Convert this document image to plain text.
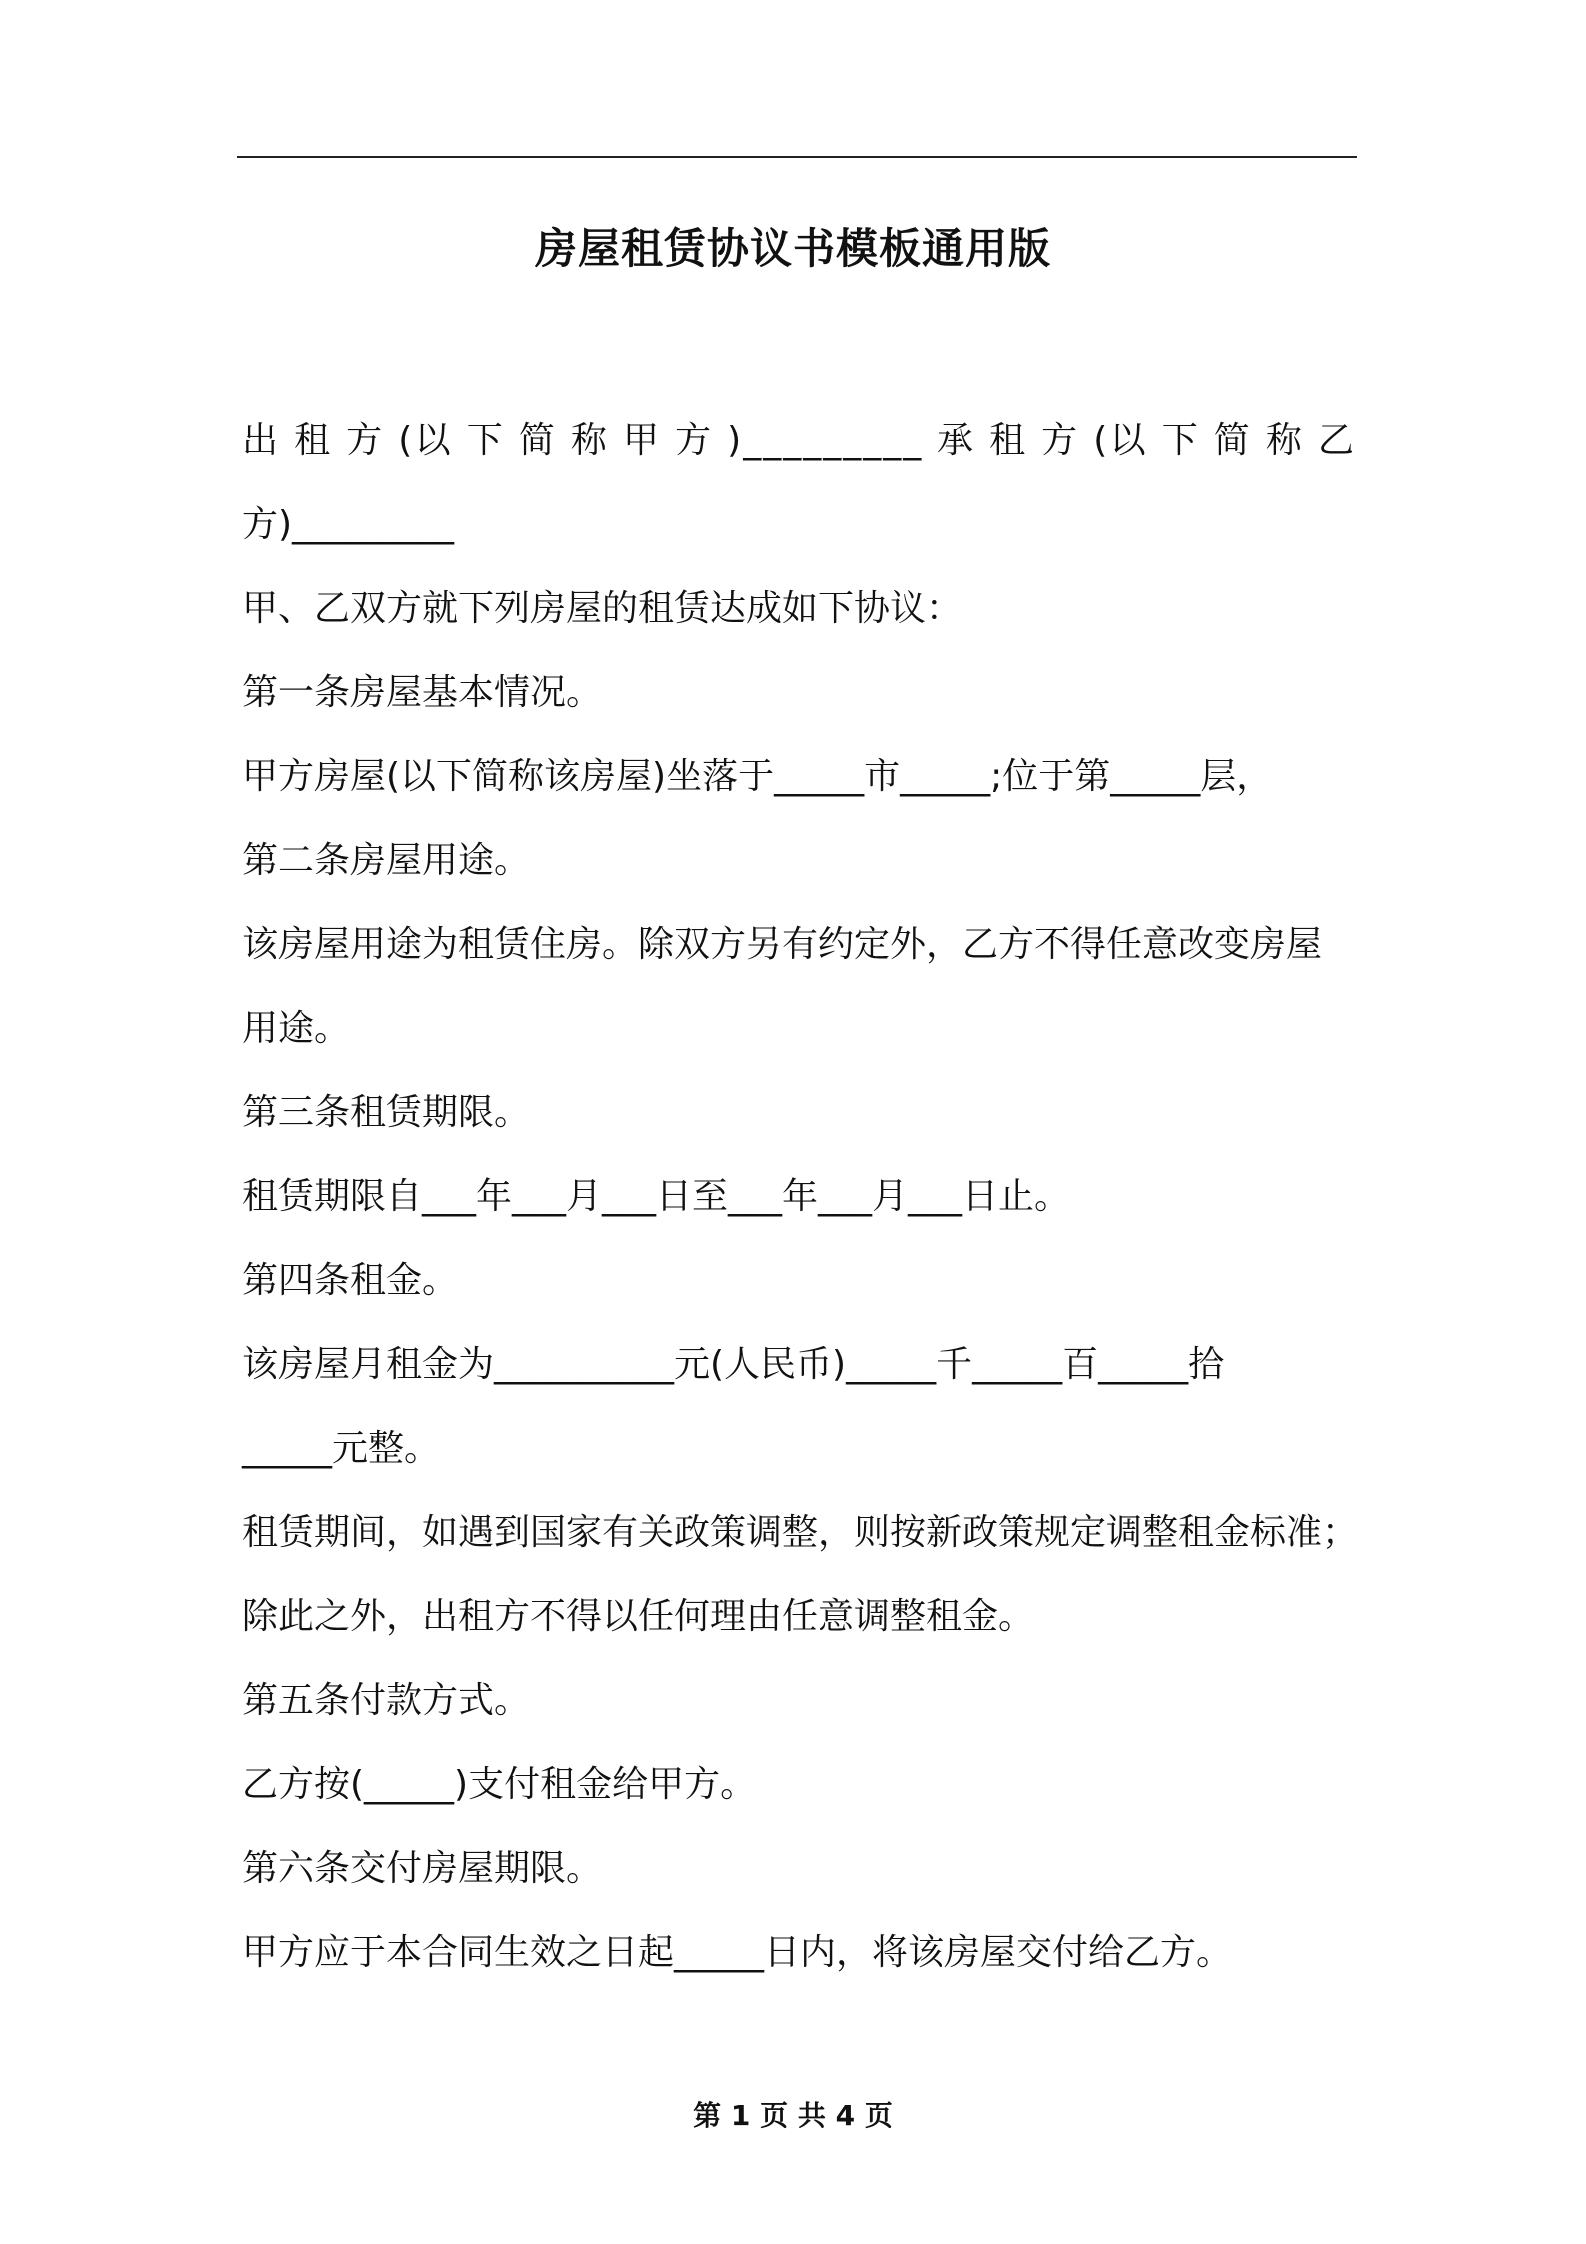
房屋租赁协议书模板通用版
出 租 方 (以 下 简 称 甲 方 )_________ 承 租 方 (以 下 简 称 乙
方)_________
甲、乙双方就下列房屋的租赁达成如下协议：
第一条房屋基本情况。
甲方房屋(以下简称该房屋)坐落于_____市_____;位于第_____层，
第二条房屋用途。
该房屋用途为租赁住房。除双方另有约定外，乙方不得任意改变房屋
用途。
第三条租赁期限。
租赁期限自___年___月___日至___年___月___日止。
第四条租金。
该房屋月租金为__________元(人民币)_____千_____百_____拾
_____元整。
租赁期间，如遇到国家有关政策调整，则按新政策规定调整租金标准；
除此之外，出租方不得以任何理由任意调整租金。
第五条付款方式。
乙方按(_____)支付租金给甲方。
第六条交付房屋期限。
甲方应于本合同生效之日起_____日内，将该房屋交付给乙方。
第 1 页 共 4 页
